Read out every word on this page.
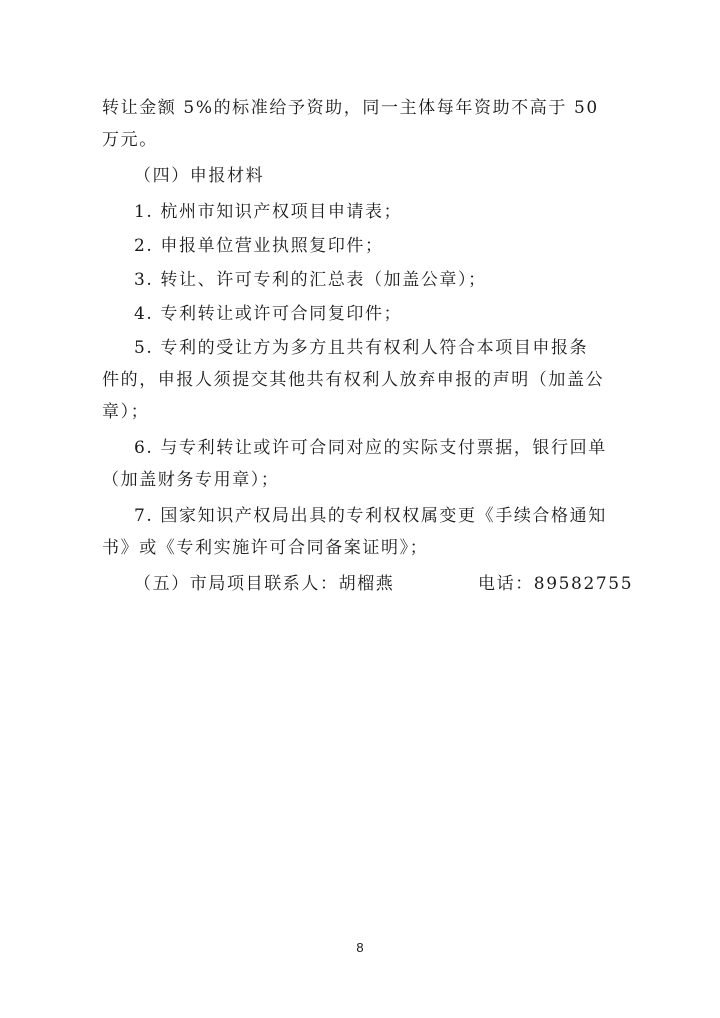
转让金额 5%的标准给予资助，同一主体每年资助不高于 50
万元。
（四）申报材料
1. 杭州市知识产权项目申请表；
2. 申报单位营业执照复印件；
3. 转让、许可专利的汇总表（加盖公章）；
4. 专利转让或许可合同复印件；
5. 专利的受让方为多方且共有权利人符合本项目申报条
件的，申报人须提交其他共有权利人放弃申报的声明（加盖公
章）；
6. 与专利转让或许可合同对应的实际支付票据，银行回单
（加盖财务专用章）；
7. 国家知识产权局出具的专利权权属变更《手续合格通知
书》或《专利实施许可合同备案证明》；
（五）市局项目联系人：胡榴燕	电话：89582755
8
